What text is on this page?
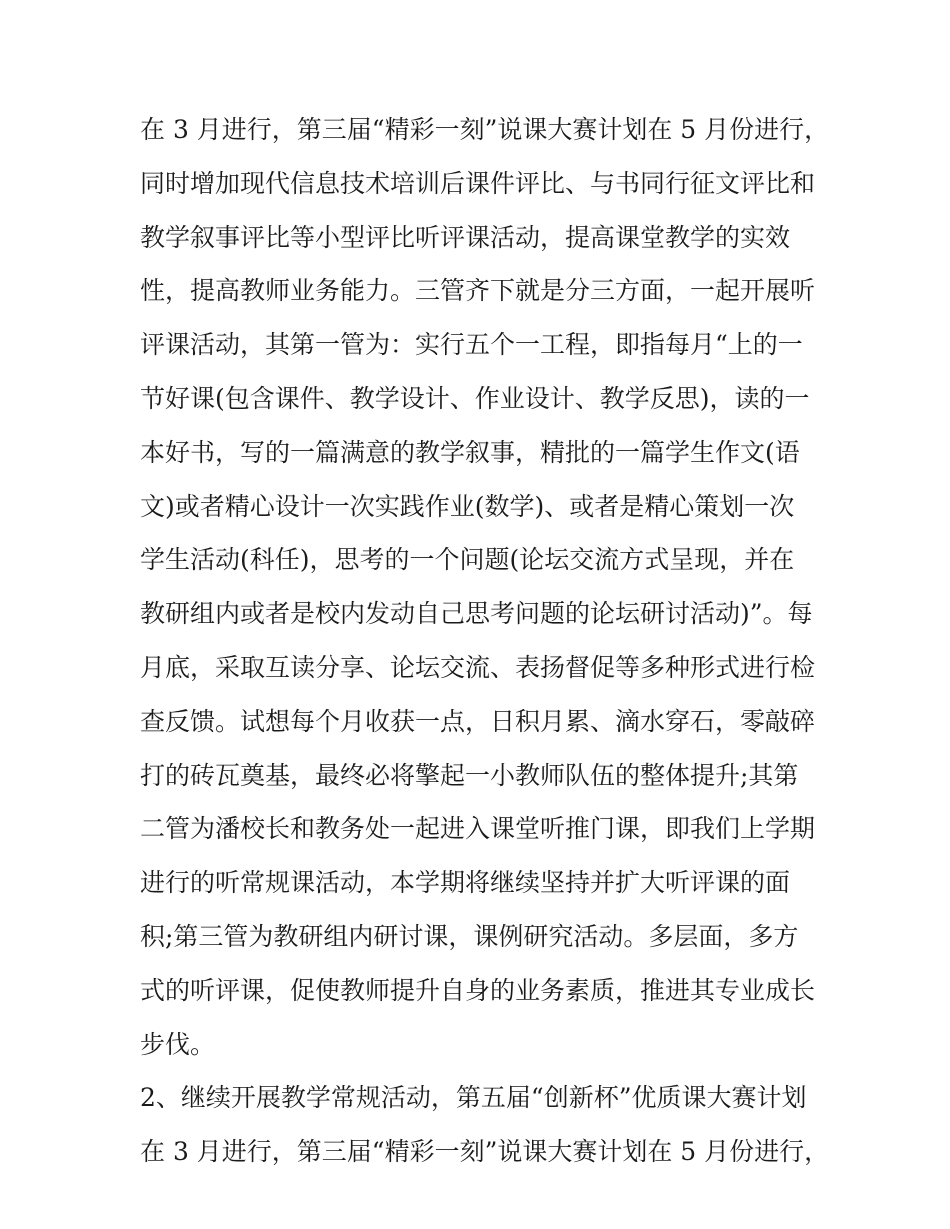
在 3 月进行，第三届“精彩一刻”说课大赛计划在 5 月份进行，
同时增加现代信息技术培训后课件评比、与书同行征文评比和
教学叙事评比等小型评比听评课活动，提高课堂教学的实效
性，提高教师业务能力。三管齐下就是分三方面，一起开展听
评课活动，其第一管为：实行五个一工程，即指每月“上的一
节好课(包含课件、教学设计、作业设计、教学反思)，读的一
本好书，写的一篇满意的教学叙事，精批的一篇学生作文(语
文)或者精心设计一次实践作业(数学)、或者是精心策划一次
学生活动(科任)，思考的一个问题(论坛交流方式呈现，并在
教研组内或者是校内发动自己思考问题的论坛研讨活动)”。每
月底，采取互读分享、论坛交流、表扬督促等多种形式进行检
查反馈。试想每个月收获一点，日积月累、滴水穿石，零敲碎
打的砖瓦奠基，最终必将擎起一小教师队伍的整体提升;其第
二管为潘校长和教务处一起进入课堂听推门课，即我们上学期
进行的听常规课活动，本学期将继续坚持并扩大听评课的面
积;第三管为教研组内研讨课，课例研究活动。多层面，多方
式的听评课，促使教师提升自身的业务素质，推进其专业成长
步伐。
2、继续开展教学常规活动，第五届“创新杯”优质课大赛计划
在 3 月进行，第三届“精彩一刻”说课大赛计划在 5 月份进行，
